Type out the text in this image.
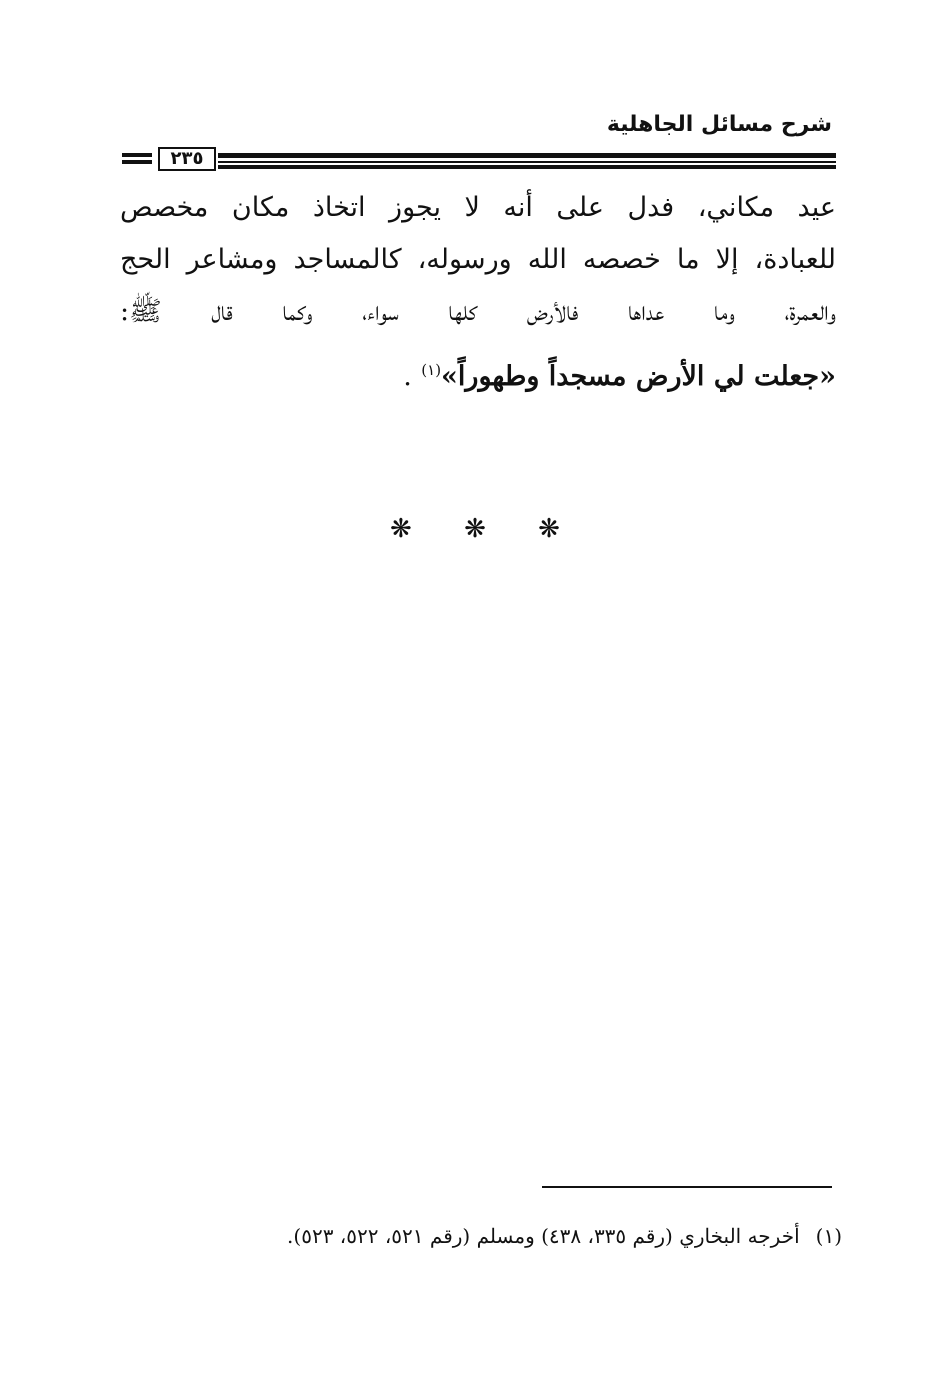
شرح مسائل الجاهلية
٢٣٥
عيد مكاني، فدل على أنه لا يجوز اتخاذ مكان مخصص
للعبادة، إلا ما خصصه الله ورسوله، كالمساجد ومشاعر الحج
والعمرة، وما عداها فالأرض كلها سواء، وكما قال ﷺ:
«جعلت لي الأرض مسجداً وطهوراً»$^{(١)}$ .
❋ ❋ ❋
(١)أخرجه البخاري (رقم ٣٣٥، ٤٣٨) ومسلم (رقم ٥٢١، ٥٢٢، ٥٢٣).
